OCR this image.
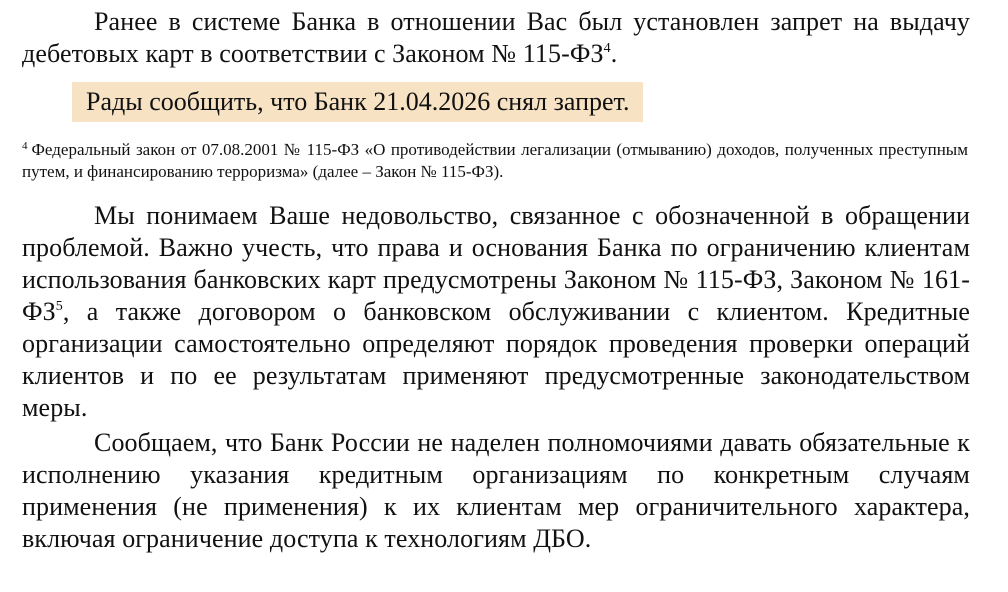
Ранее в системе Банка в отношении Вас был установлен запрет на выдачу дебетовых карт в соответствии с Законом № 115-ФЗ$^4$.

Рады сообщить, что Банк 21.04.2026 снял запрет.

$^4$ Федеральный закон от 07.08.2001 № 115-ФЗ «О противодействии легализации (отмыванию) доходов, полученных преступным путем, и финансированию терроризма» (далее – Закон № 115-ФЗ).

Мы понимаем Ваше недовольство, связанное с обозначенной в обращении проблемой. Важно учесть, что права и основания Банка по ограничению клиентам использования банковских карт предусмотрены Законом № 115-ФЗ, Законом № 161-ФЗ$^5$, а также договором о банковском обслуживании с клиентом. Кредитные организации самостоятельно определяют порядок проведения проверки операций клиентов и по ее результатам применяют предусмотренные законодательством меры.

Сообщаем, что Банк России не наделен полномочиями давать обязательные к исполнению указания кредитным организациям по конкретным случаям применения (не применения) к их клиентам мер ограничительного характера, включая ограничение доступа к технологиям ДБО.
